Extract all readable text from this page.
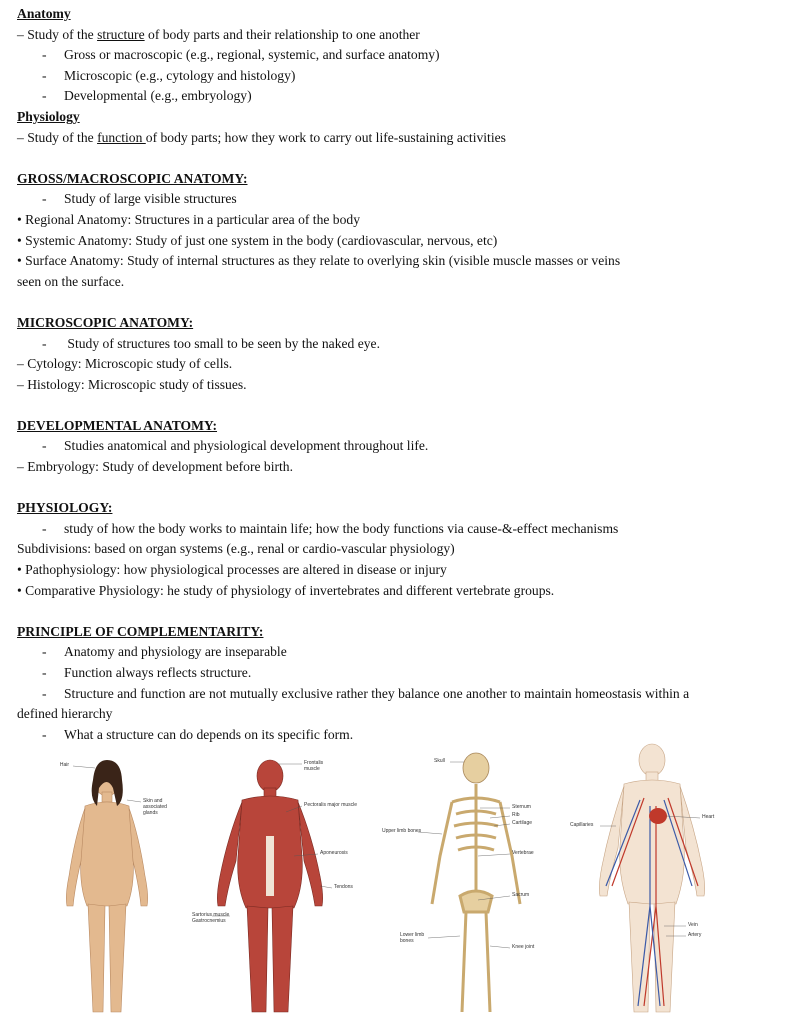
Anatomy
– Study of the structure of body parts and their relationship to one another
- Gross or macroscopic (e.g., regional, systemic, and surface anatomy)
- Microscopic (e.g., cytology and histology)
- Developmental (e.g., embryology)
Physiology
– Study of the function of body parts; how they work to carry out life-sustaining activities
GROSS/MACROSCOPIC ANATOMY:
- Study of large visible structures
• Regional Anatomy: Structures in a particular area of the body
• Systemic Anatomy: Study of just one system in the body (cardiovascular, nervous, etc)
• Surface Anatomy: Study of internal structures as they relate to overlying skin (visible muscle masses or veins
seen on the surface.
MICROSCOPIC ANATOMY:
- Study of structures too small to be seen by the naked eye.
– Cytology: Microscopic study of cells.
– Histology: Microscopic study of tissues.
DEVELOPMENTAL ANATOMY:
- Studies anatomical and physiological development throughout life.
– Embryology: Study of development before birth.
PHYSIOLOGY:
- study of how the body works to maintain life; how the body functions via cause-&-effect mechanisms
Subdivisions: based on organ systems (e.g., renal or cardio-vascular physiology)
• Pathophysiology: how physiological processes are altered in disease or injury
• Comparative Physiology: he study of physiology of invertebrates and different vertebrate groups.
PRINCIPLE OF COMPLEMENTARITY:
- Anatomy and physiology are inseparable
- Function always reflects structure.
- Structure and function are not mutually exclusive rather they balance one another to maintain homeostasis within a
defined hierarchy
- What a structure can do depends on its specific form.
Hair
Skin and
associated
glands
Frontalis
muscle
Pectoralis major muscle
Aponeurosis
Tendons
Gastrocnemius
Sartorius muscle
Skull
Sternum
Rib
Cartilage
Upper limb bones
Vertebrae
Sacrum
Lower limb
bones
Knee joint
Heart
Capillaries
Vein
Artery
